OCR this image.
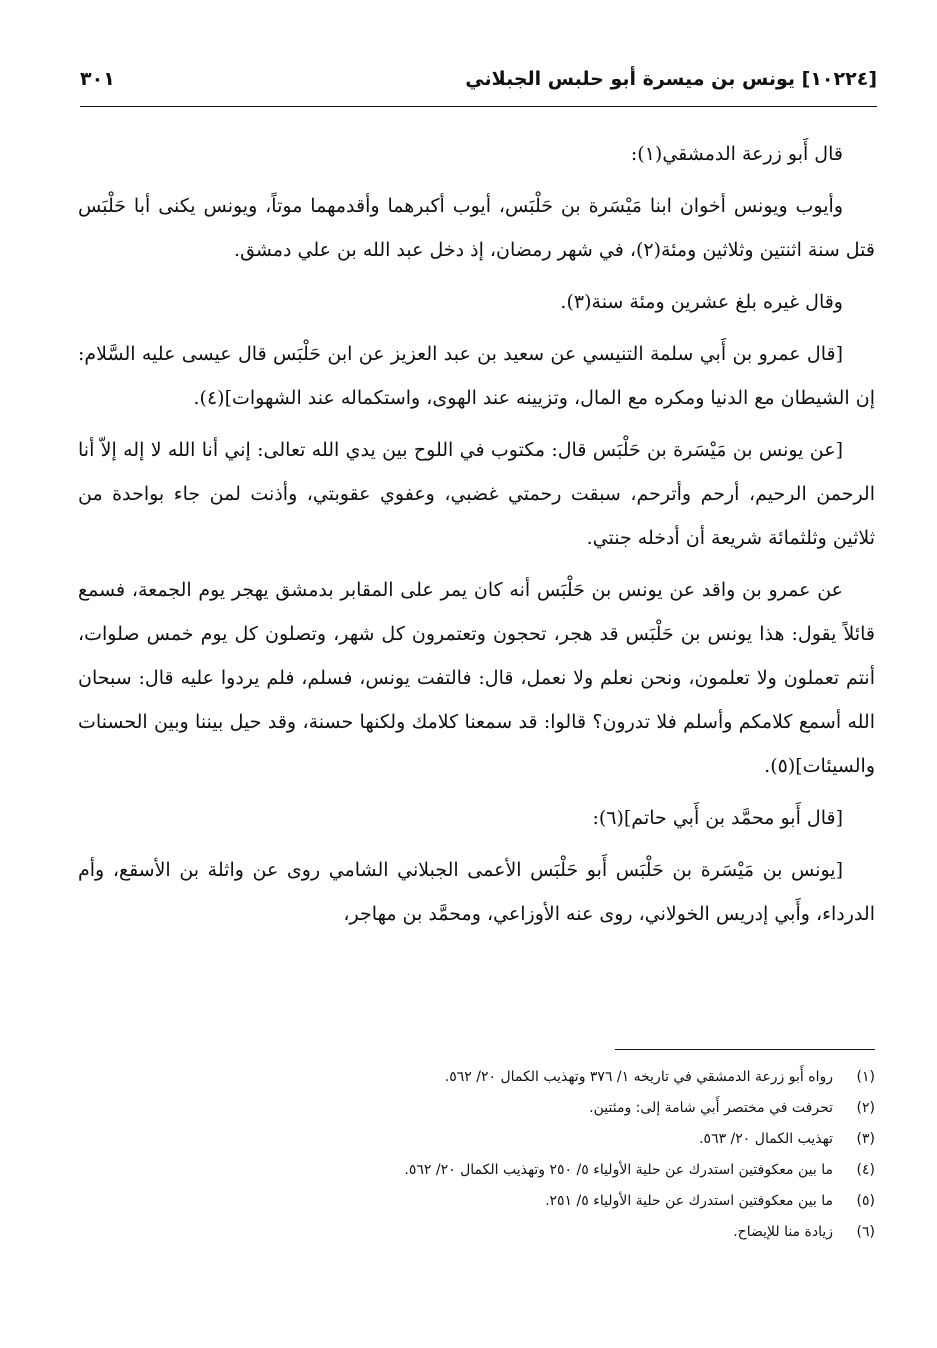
[١٠٢٢٤] يونس بن ميسرة أبو حلبس الجبلاني
٣٠١

قال أَبو زرعة الدمشقي(١):

وأيوب ويونس أخوان ابنا مَيْسَرة بن حَلْبَس، أيوب أكبرهما وأقدمهما موتاً، ويونس يكنى أبا حَلْبَس قتل سنة اثنتين وثلاثين ومئة(٢)، في شهر رمضان، إذ دخل عبد الله بن علي دمشق.

وقال غيره بلغ عشرين ومئة سنة(٣).

[قال عمرو بن أَبي سلمة التنيسي عن سعيد بن عبد العزيز عن ابن حَلْبَس قال عيسى عليه السَّلام: إن الشيطان مع الدنيا ومكره مع المال، وتزيينه عند الهوى، واستكماله عند الشهوات](٤).

[عن يونس بن مَيْسَرة بن حَلْبَس قال: مكتوب في اللوح بين يدي الله تعالى: إني أنا الله لا إله إلاّ أنا الرحمن الرحيم، أرحم وأترحم، سبقت رحمتي غضبي، وعفوي عقوبتي، وأذنت لمن جاء بواحدة من ثلاثين وثلثمائة شريعة أن أدخله جنتي.

عن عمرو بن واقد عن يونس بن حَلْبَس أنه كان يمر على المقابر بدمشق يهجر يوم الجمعة، فسمع قائلاً يقول: هذا يونس بن حَلْبَس قد هجر، تحجون وتعتمرون كل شهر، وتصلون كل يوم خمس صلوات، أنتم تعملون ولا تعلمون، ونحن نعلم ولا نعمل، قال: فالتفت يونس، فسلم، فلم يردوا عليه قال: سبحان الله أسمع كلامكم وأسلم فلا تدرون؟ قالوا: قد سمعنا كلامك ولكنها حسنة، وقد حيل بيننا وبين الحسنات والسيئات](٥).

[قال أَبو محمَّد بن أَبي حاتم](٦):

[يونس بن مَيْسَرة بن حَلْبَس أَبو حَلْبَس الأعمى الجبلاني الشامي روى عن واثلة بن الأسقع، وأم الدرداء، وأَبي إدريس الخولاني، روى عنه الأوزاعي، ومحمَّد بن مهاجر،

(١)رواه أَبو زرعة الدمشقي في تاريخه ١/ ٣٧٦ وتهذيب الكمال ٢٠/ ٥٦٢.
(٢)تحرفت في مختصر أَبي شامة إلى: ومئتين.
(٣)تهذيب الكمال ٢٠/ ٥٦٣.
(٤)ما بين معكوفتين استدرك عن حلية الأولياء ٥/ ٢٥٠ وتهذيب الكمال ٢٠/ ٥٦٢.
(٥)ما بين معكوفتين استدرك عن حلية الأولياء ٥/ ٢٥١.
(٦)زيادة منا للإيضاح.
